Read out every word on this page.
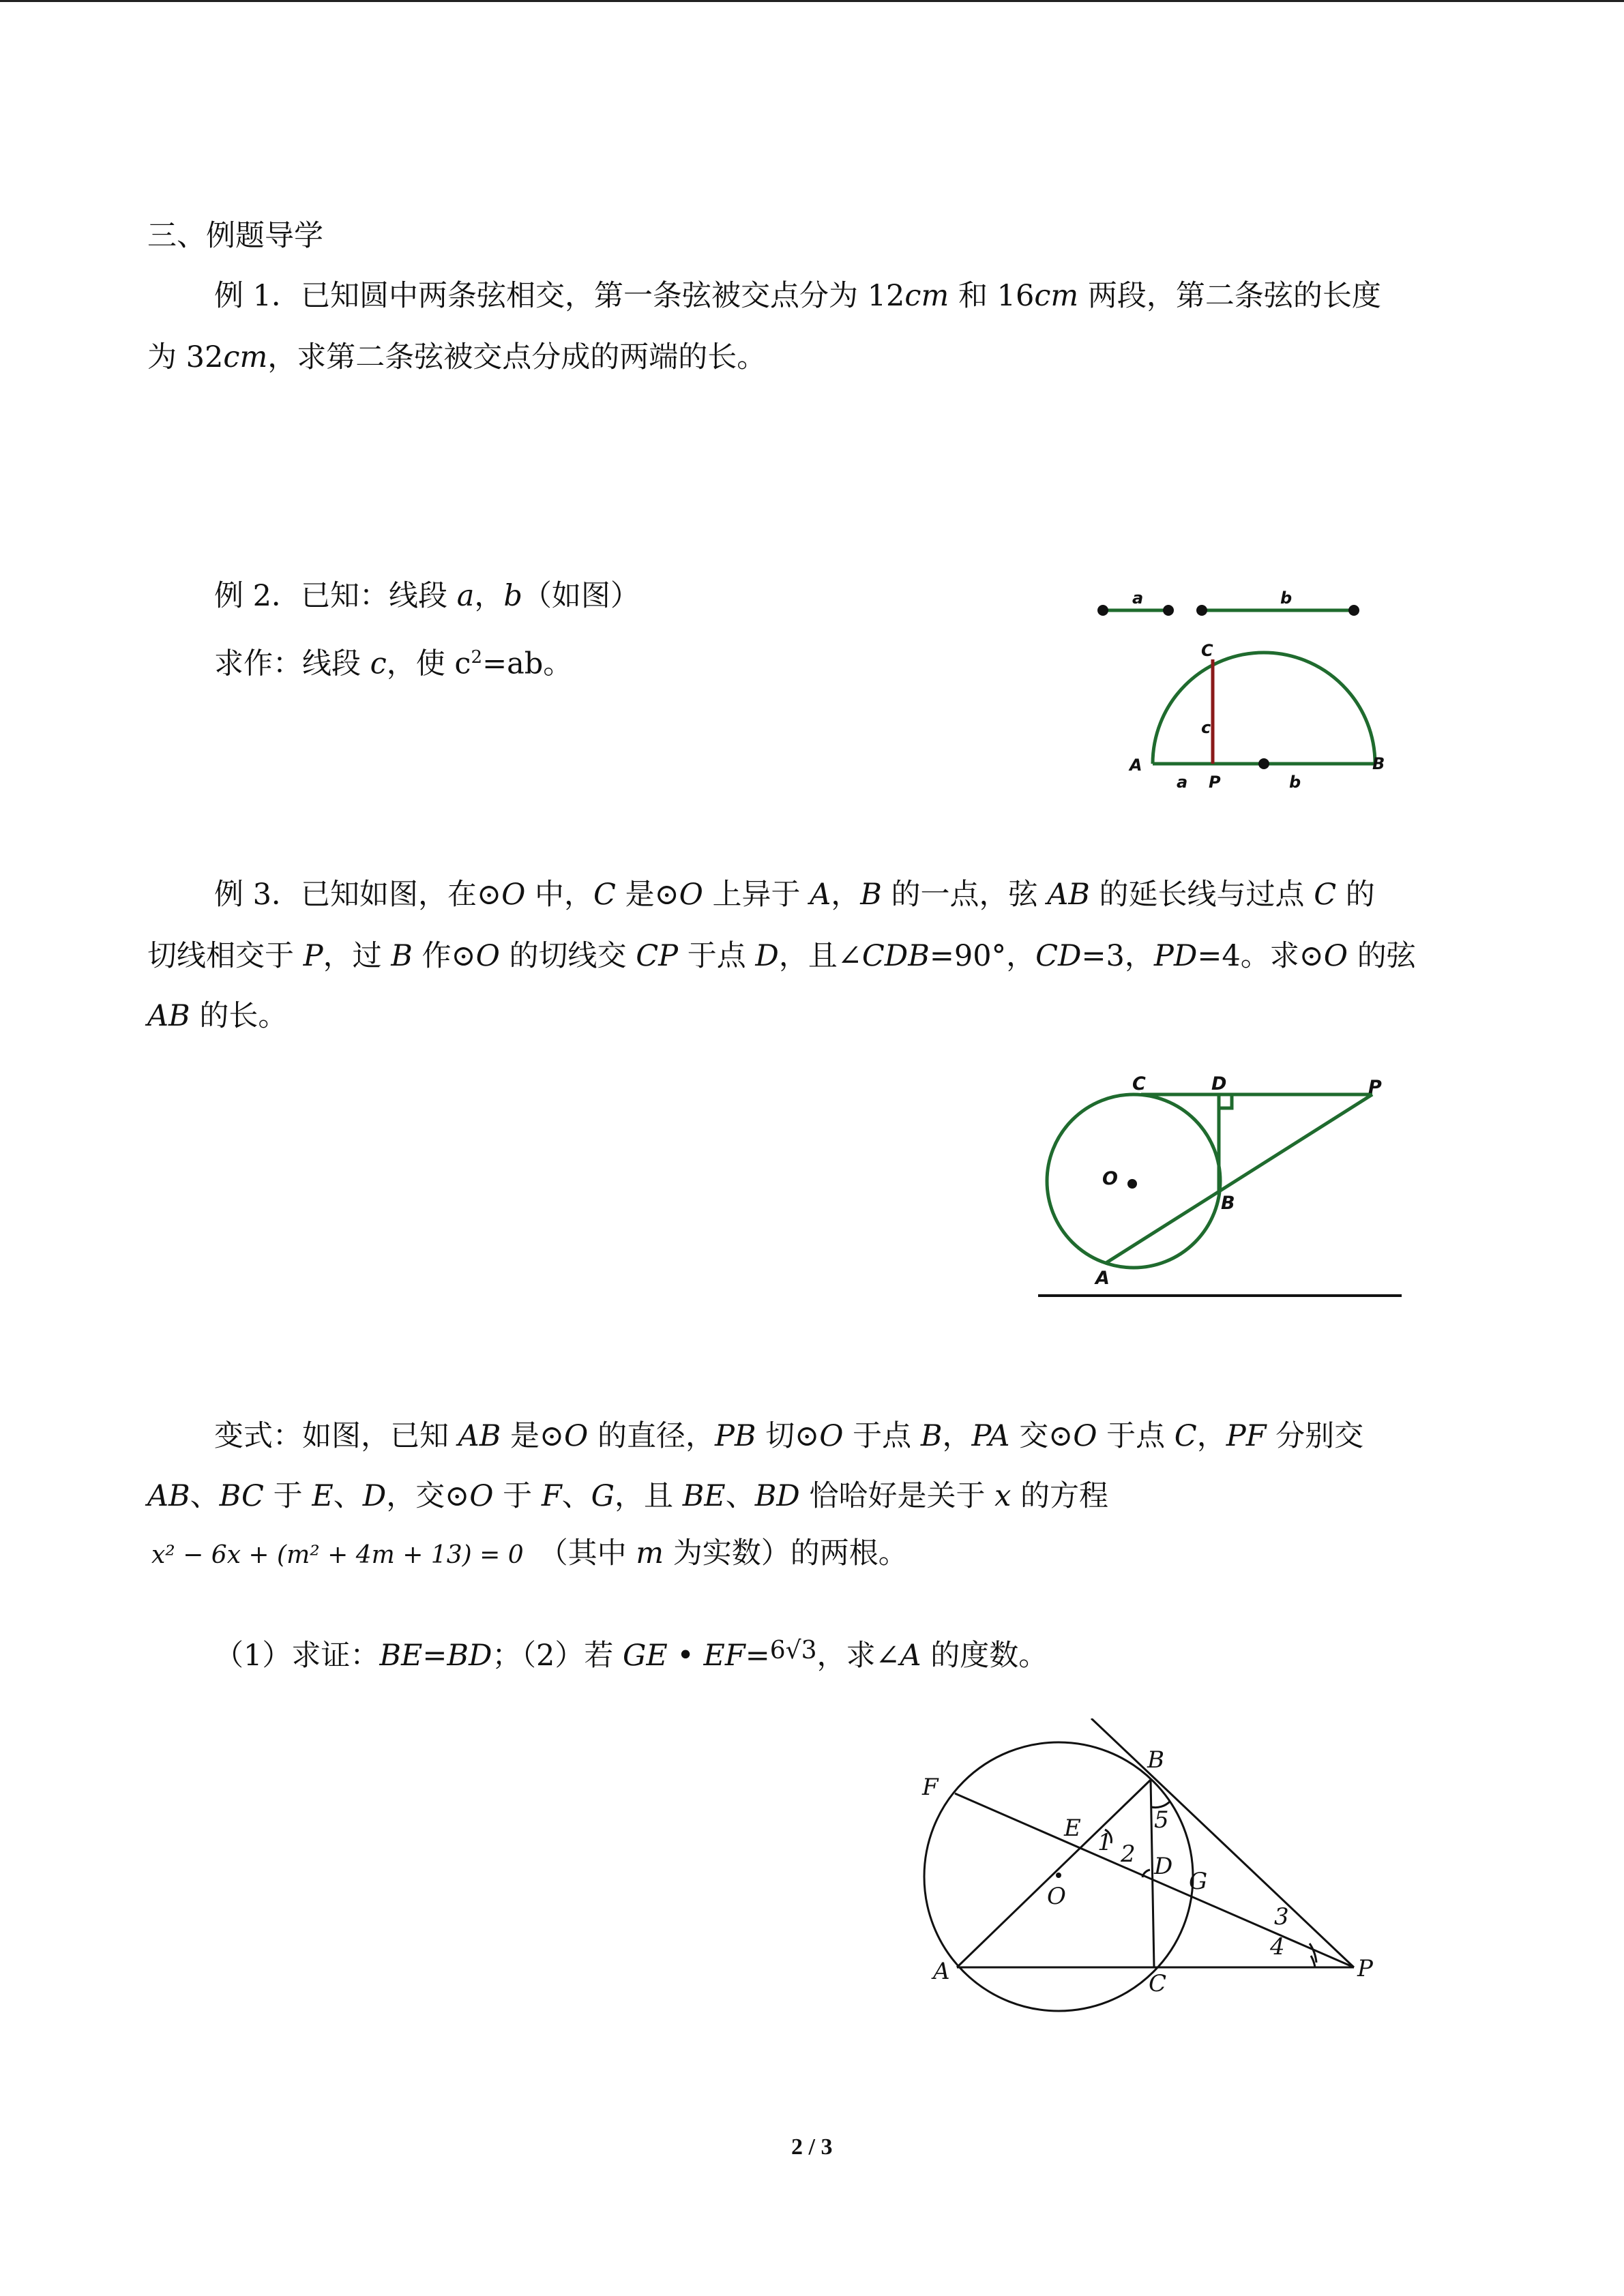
三、例题导学
例 1．已知圆中两条弦相交，第一条弦被交点分为 12cm 和 16cm 两段，第二条弦的长度
为 32cm，求第二条弦被交点分成的两端的长。
例 2．已知：线段 a，b（如图）
求作：线段 c，使 $c^2=ab$。
a	b
C
c
A
a P	b
B
例 3．已知如图，在⊙O 中，C 是⊙O 上异于 A，B 的一点，弦 AB 的延长线与过点 C 的
切线相交于 P，过 B 作⊙O 的切线交 CP 于点 D，且∠CDB=90°，CD=3，PD=4。求⊙O 的弦
AB 的长。
C	D	P
O
B
A
变式：如图，已知 AB 是⊙O 的直径，PB 切⊙O 于点 B，PA 交⊙O 于点 C，PF 分别交
AB、BC 于 E、D，交⊙O 于 F、G，且 BE、BD 恰哈好是关于 x 的方程
x² − 6x + (m² + 4m + 13) = 0 （其中 m 为实数）的两根。
（1）求证：BE=BD；（2）若 GE • EF=$^{6√3}$，求∠A 的度数。
B
F
E
1 2
5
D
G
O
3
4
A	C
P
2 / 3
